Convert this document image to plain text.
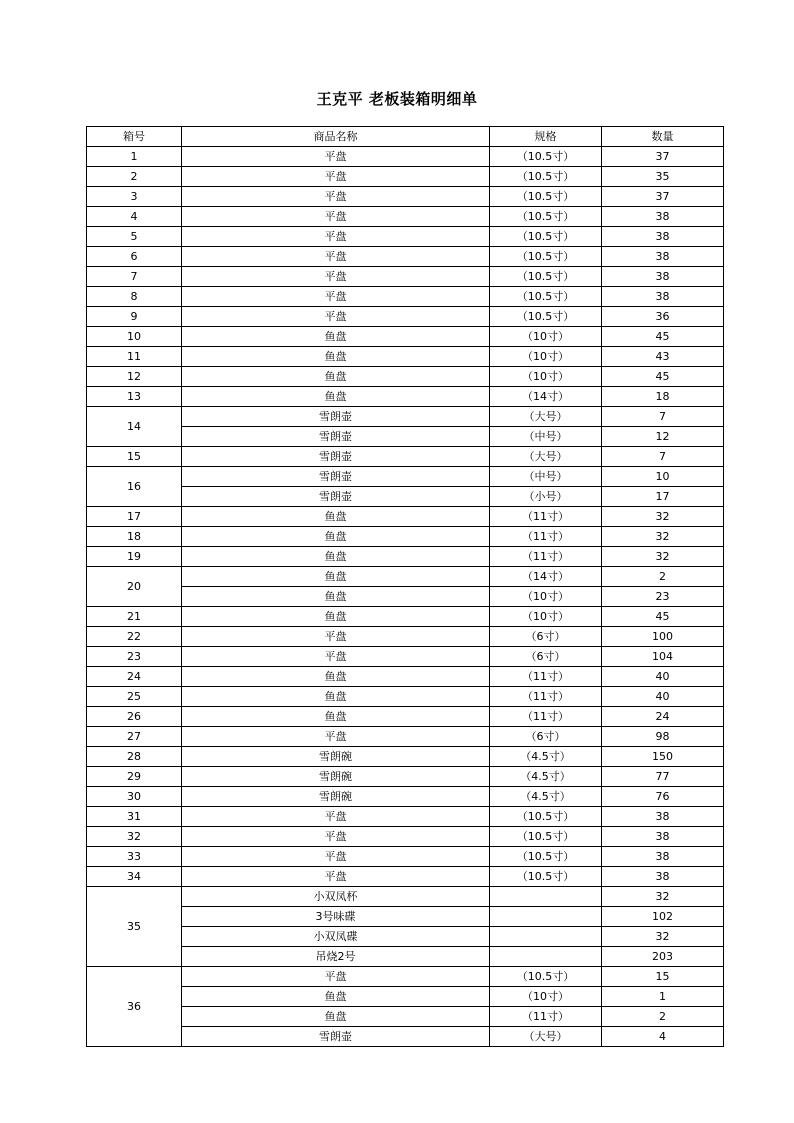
王克平 老板装箱明细单
箱号	商品名称	规格	数量
1	平盘	（10.5寸）	37
2	平盘	（10.5寸）	35
3	平盘	（10.5寸）	37
4	平盘	（10.5寸）	38
5	平盘	（10.5寸）	38
6	平盘	（10.5寸）	38
7	平盘	（10.5寸）	38
8	平盘	（10.5寸）	38
9	平盘	（10.5寸）	36
10	鱼盘	（10寸）	45
11	鱼盘	（10寸）	43
12	鱼盘	（10寸）	45
13	鱼盘	（14寸）	18
14	雪朗壶	（大号）	7
	雪朗壶	（中号）	12
15	雪朗壶	（大号）	7
16	雪朗壶	（中号）	10
	雪朗壶	（小号）	17
17	鱼盘	（11寸）	32
18	鱼盘	（11寸）	32
19	鱼盘	（11寸）	32
20	鱼盘	（14寸）	2
	鱼盘	（10寸）	23
21	鱼盘	（10寸）	45
22	平盘	（6寸）	100
23	平盘	（6寸）	104
24	鱼盘	（11寸）	40
25	鱼盘	（11寸）	40
26	鱼盘	（11寸）	24
27	平盘	（6寸）	98
28	雪朗碗	（4.5寸）	150
29	雪朗碗	（4.5寸）	77
30	雪朗碗	（4.5寸）	76
31	平盘	（10.5寸）	38
32	平盘	（10.5寸）	38
33	平盘	（10.5寸）	38
34	平盘	（10.5寸）	38
35	小双凤杯		32
	3号味碟		102
	小双凤碟		32
	吊烧2号		203
36	平盘	（10.5寸）	15
	鱼盘	（10寸）	1
	鱼盘	（11寸）	2
	雪朗壶	（大号）	4
